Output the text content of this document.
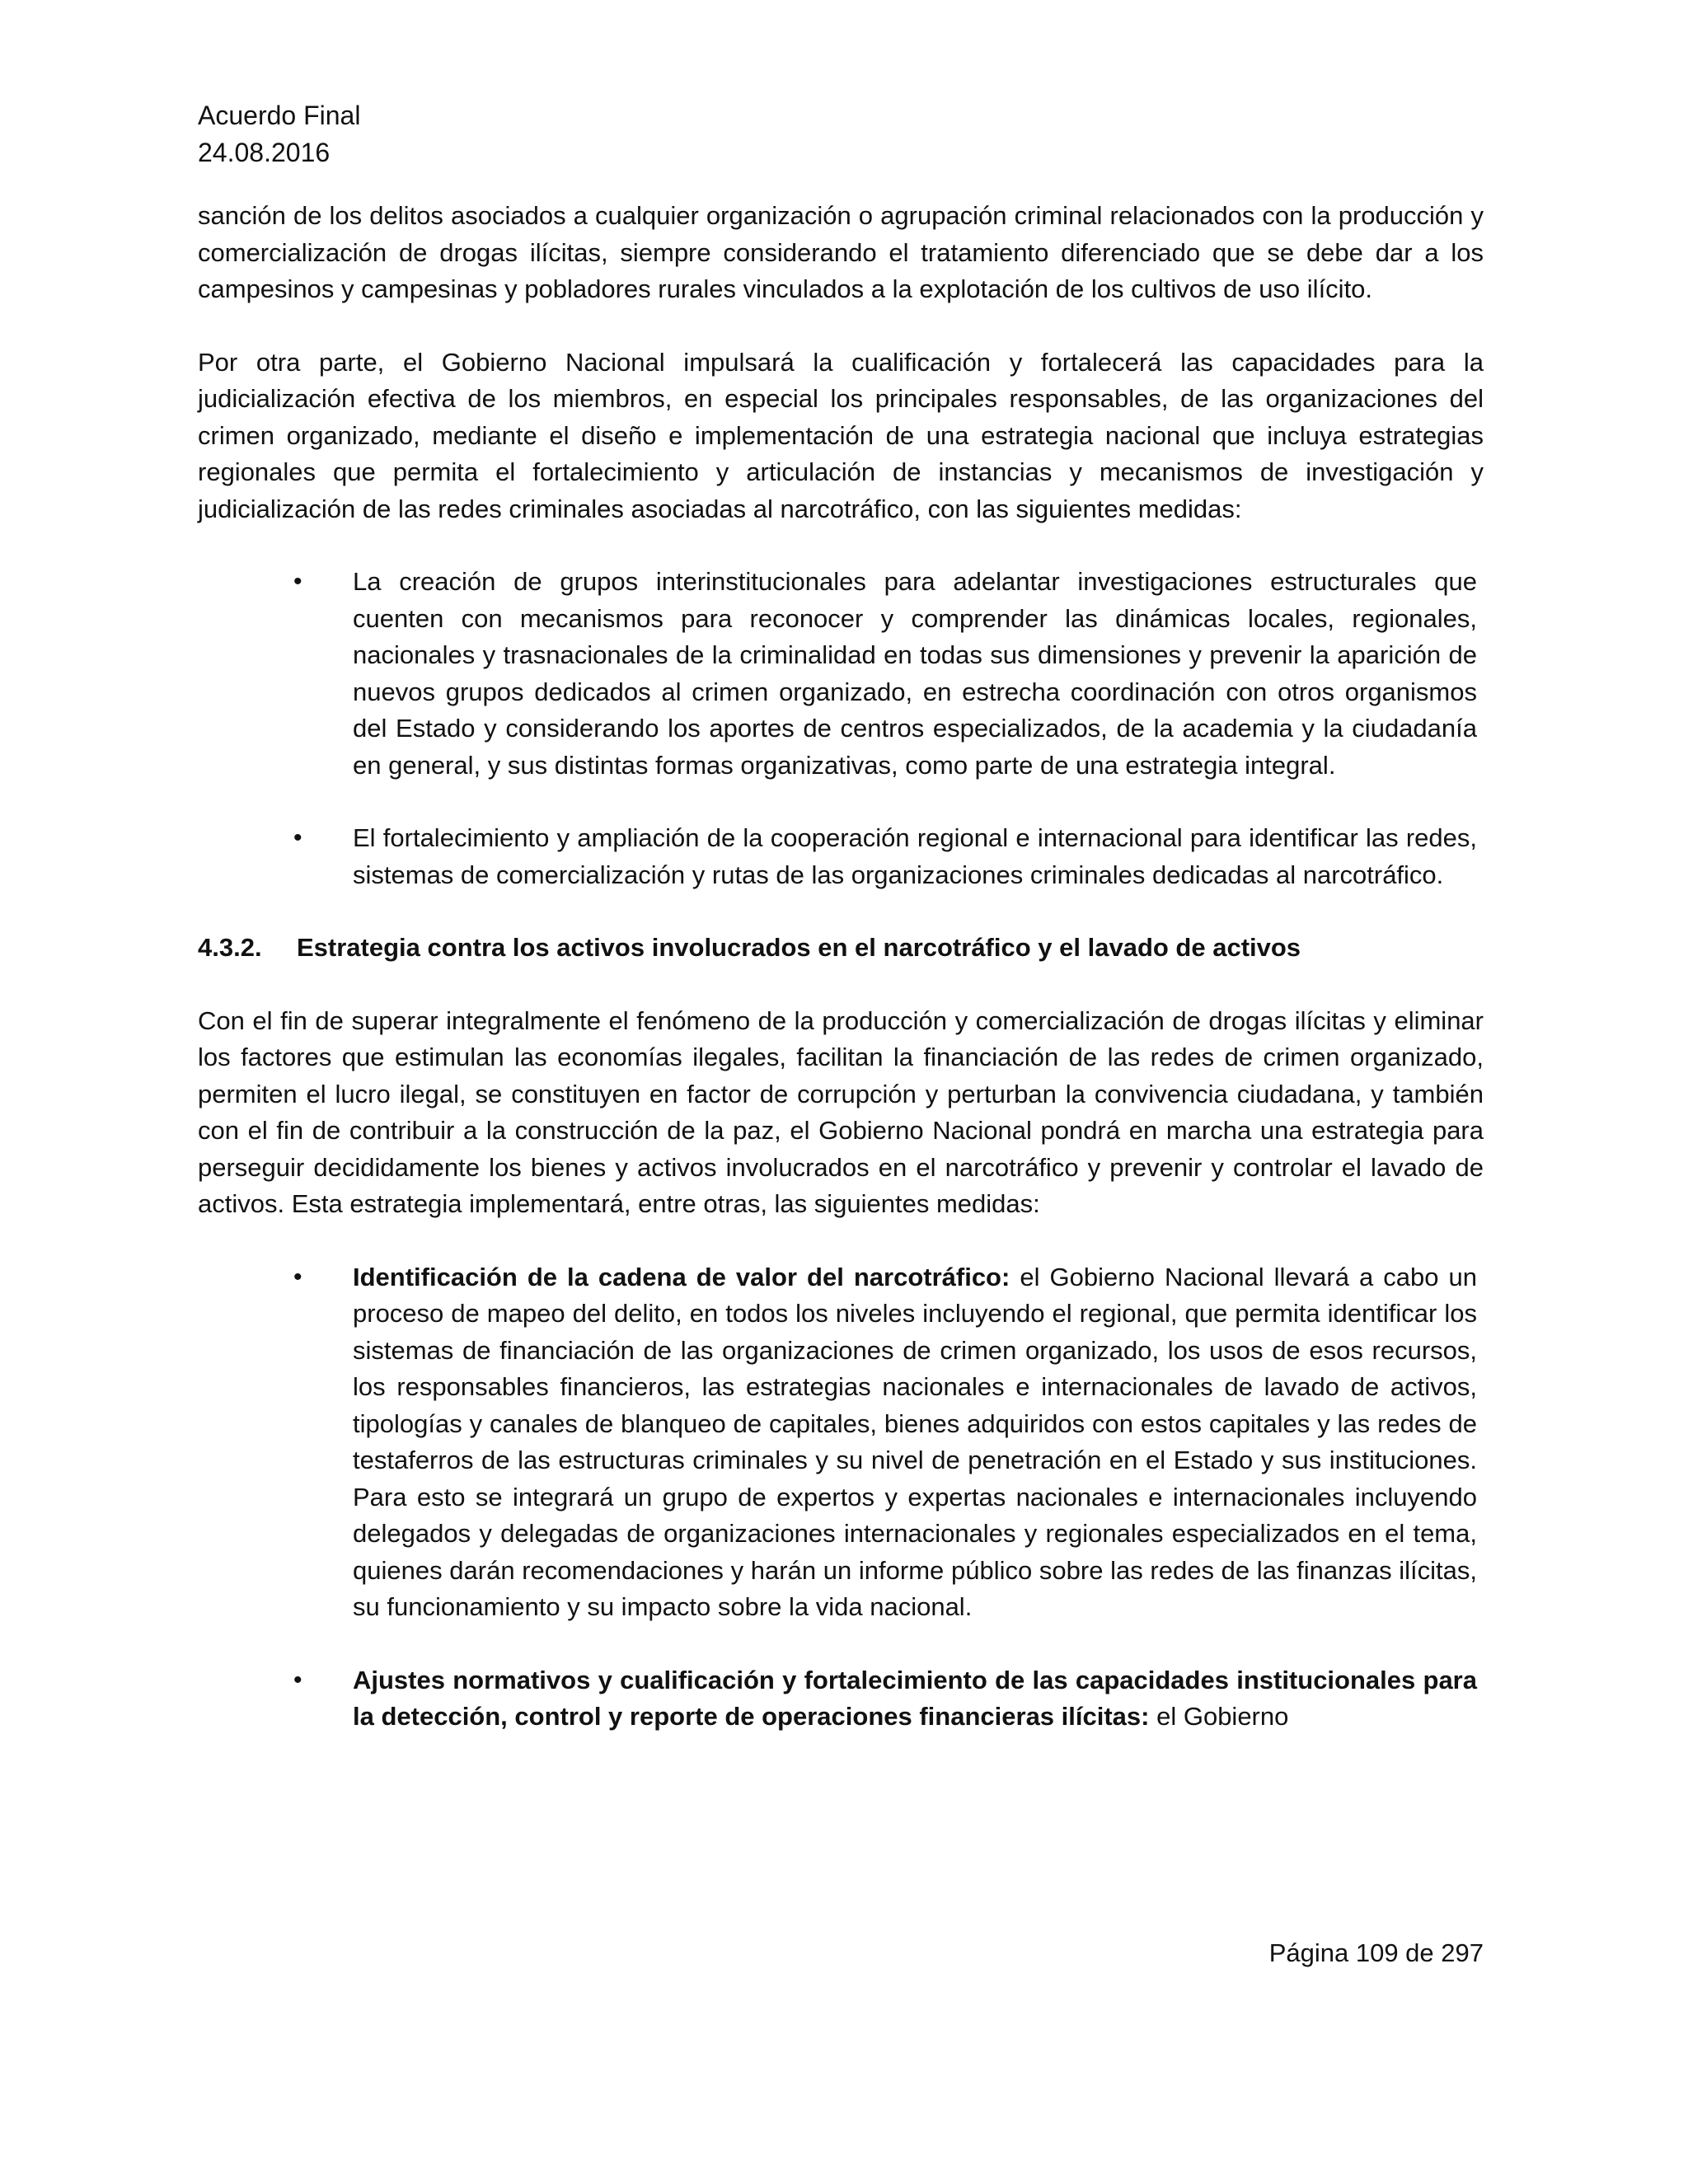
Acuerdo Final
24.08.2016

sanción de los delitos asociados a cualquier organización o agrupación criminal relacionados con la producción y comercialización de drogas ilícitas, siempre considerando el tratamiento diferenciado que se debe dar a los campesinos y campesinas y pobladores rurales vinculados a la explotación de los cultivos de uso ilícito.

Por otra parte, el Gobierno Nacional impulsará la cualificación y fortalecerá las capacidades para la judicialización efectiva de los miembros, en especial los principales responsables, de las organizaciones del crimen organizado, mediante el diseño e implementación de una estrategia nacional que incluya estrategias regionales que permita el fortalecimiento y articulación de instancias y mecanismos de investigación y judicialización de las redes criminales asociadas al narcotráfico, con las siguientes medidas:

• La creación de grupos interinstitucionales para adelantar investigaciones estructurales que cuenten con mecanismos para reconocer y comprender las dinámicas locales, regionales, nacionales y trasnacionales de la criminalidad en todas sus dimensiones y prevenir la aparición de nuevos grupos dedicados al crimen organizado, en estrecha coordinación con otros organismos del Estado y considerando los aportes de centros especializados, de la academia y la ciudadanía en general, y sus distintas formas organizativas, como parte de una estrategia integral.
• El fortalecimiento y ampliación de la cooperación regional e internacional para identificar las redes, sistemas de comercialización y rutas de las organizaciones criminales dedicadas al narcotráfico.
4.3.2. Estrategia contra los activos involucrados en el narcotráfico y el lavado de activos

Con el fin de superar integralmente el fenómeno de la producción y comercialización de drogas ilícitas y eliminar los factores que estimulan las economías ilegales, facilitan la financiación de las redes de crimen organizado, permiten el lucro ilegal, se constituyen en factor de corrupción y perturban la convivencia ciudadana, y también con el fin de contribuir a la construcción de la paz, el Gobierno Nacional pondrá en marcha una estrategia para perseguir decididamente los bienes y activos involucrados en el narcotráfico y prevenir y controlar el lavado de activos. Esta estrategia implementará, entre otras, las siguientes medidas:

• Identificación de la cadena de valor del narcotráfico: el Gobierno Nacional llevará a cabo un proceso de mapeo del delito, en todos los niveles incluyendo el regional, que permita identificar los sistemas de financiación de las organizaciones de crimen organizado, los usos de esos recursos, los responsables financieros, las estrategias nacionales e internacionales de lavado de activos, tipologías y canales de blanqueo de capitales, bienes adquiridos con estos capitales y las redes de testaferros de las estructuras criminales y su nivel de penetración en el Estado y sus instituciones. Para esto se integrará un grupo de expertos y expertas nacionales e internacionales incluyendo delegados y delegadas de organizaciones internacionales y regionales especializados en el tema, quienes darán recomendaciones y harán un informe público sobre las redes de las finanzas ilícitas, su funcionamiento y su impacto sobre la vida nacional.
• Ajustes normativos y cualificación y fortalecimiento de las capacidades institucionales para la detección, control y reporte de operaciones financieras ilícitas: el Gobierno
Página 109 de 297
